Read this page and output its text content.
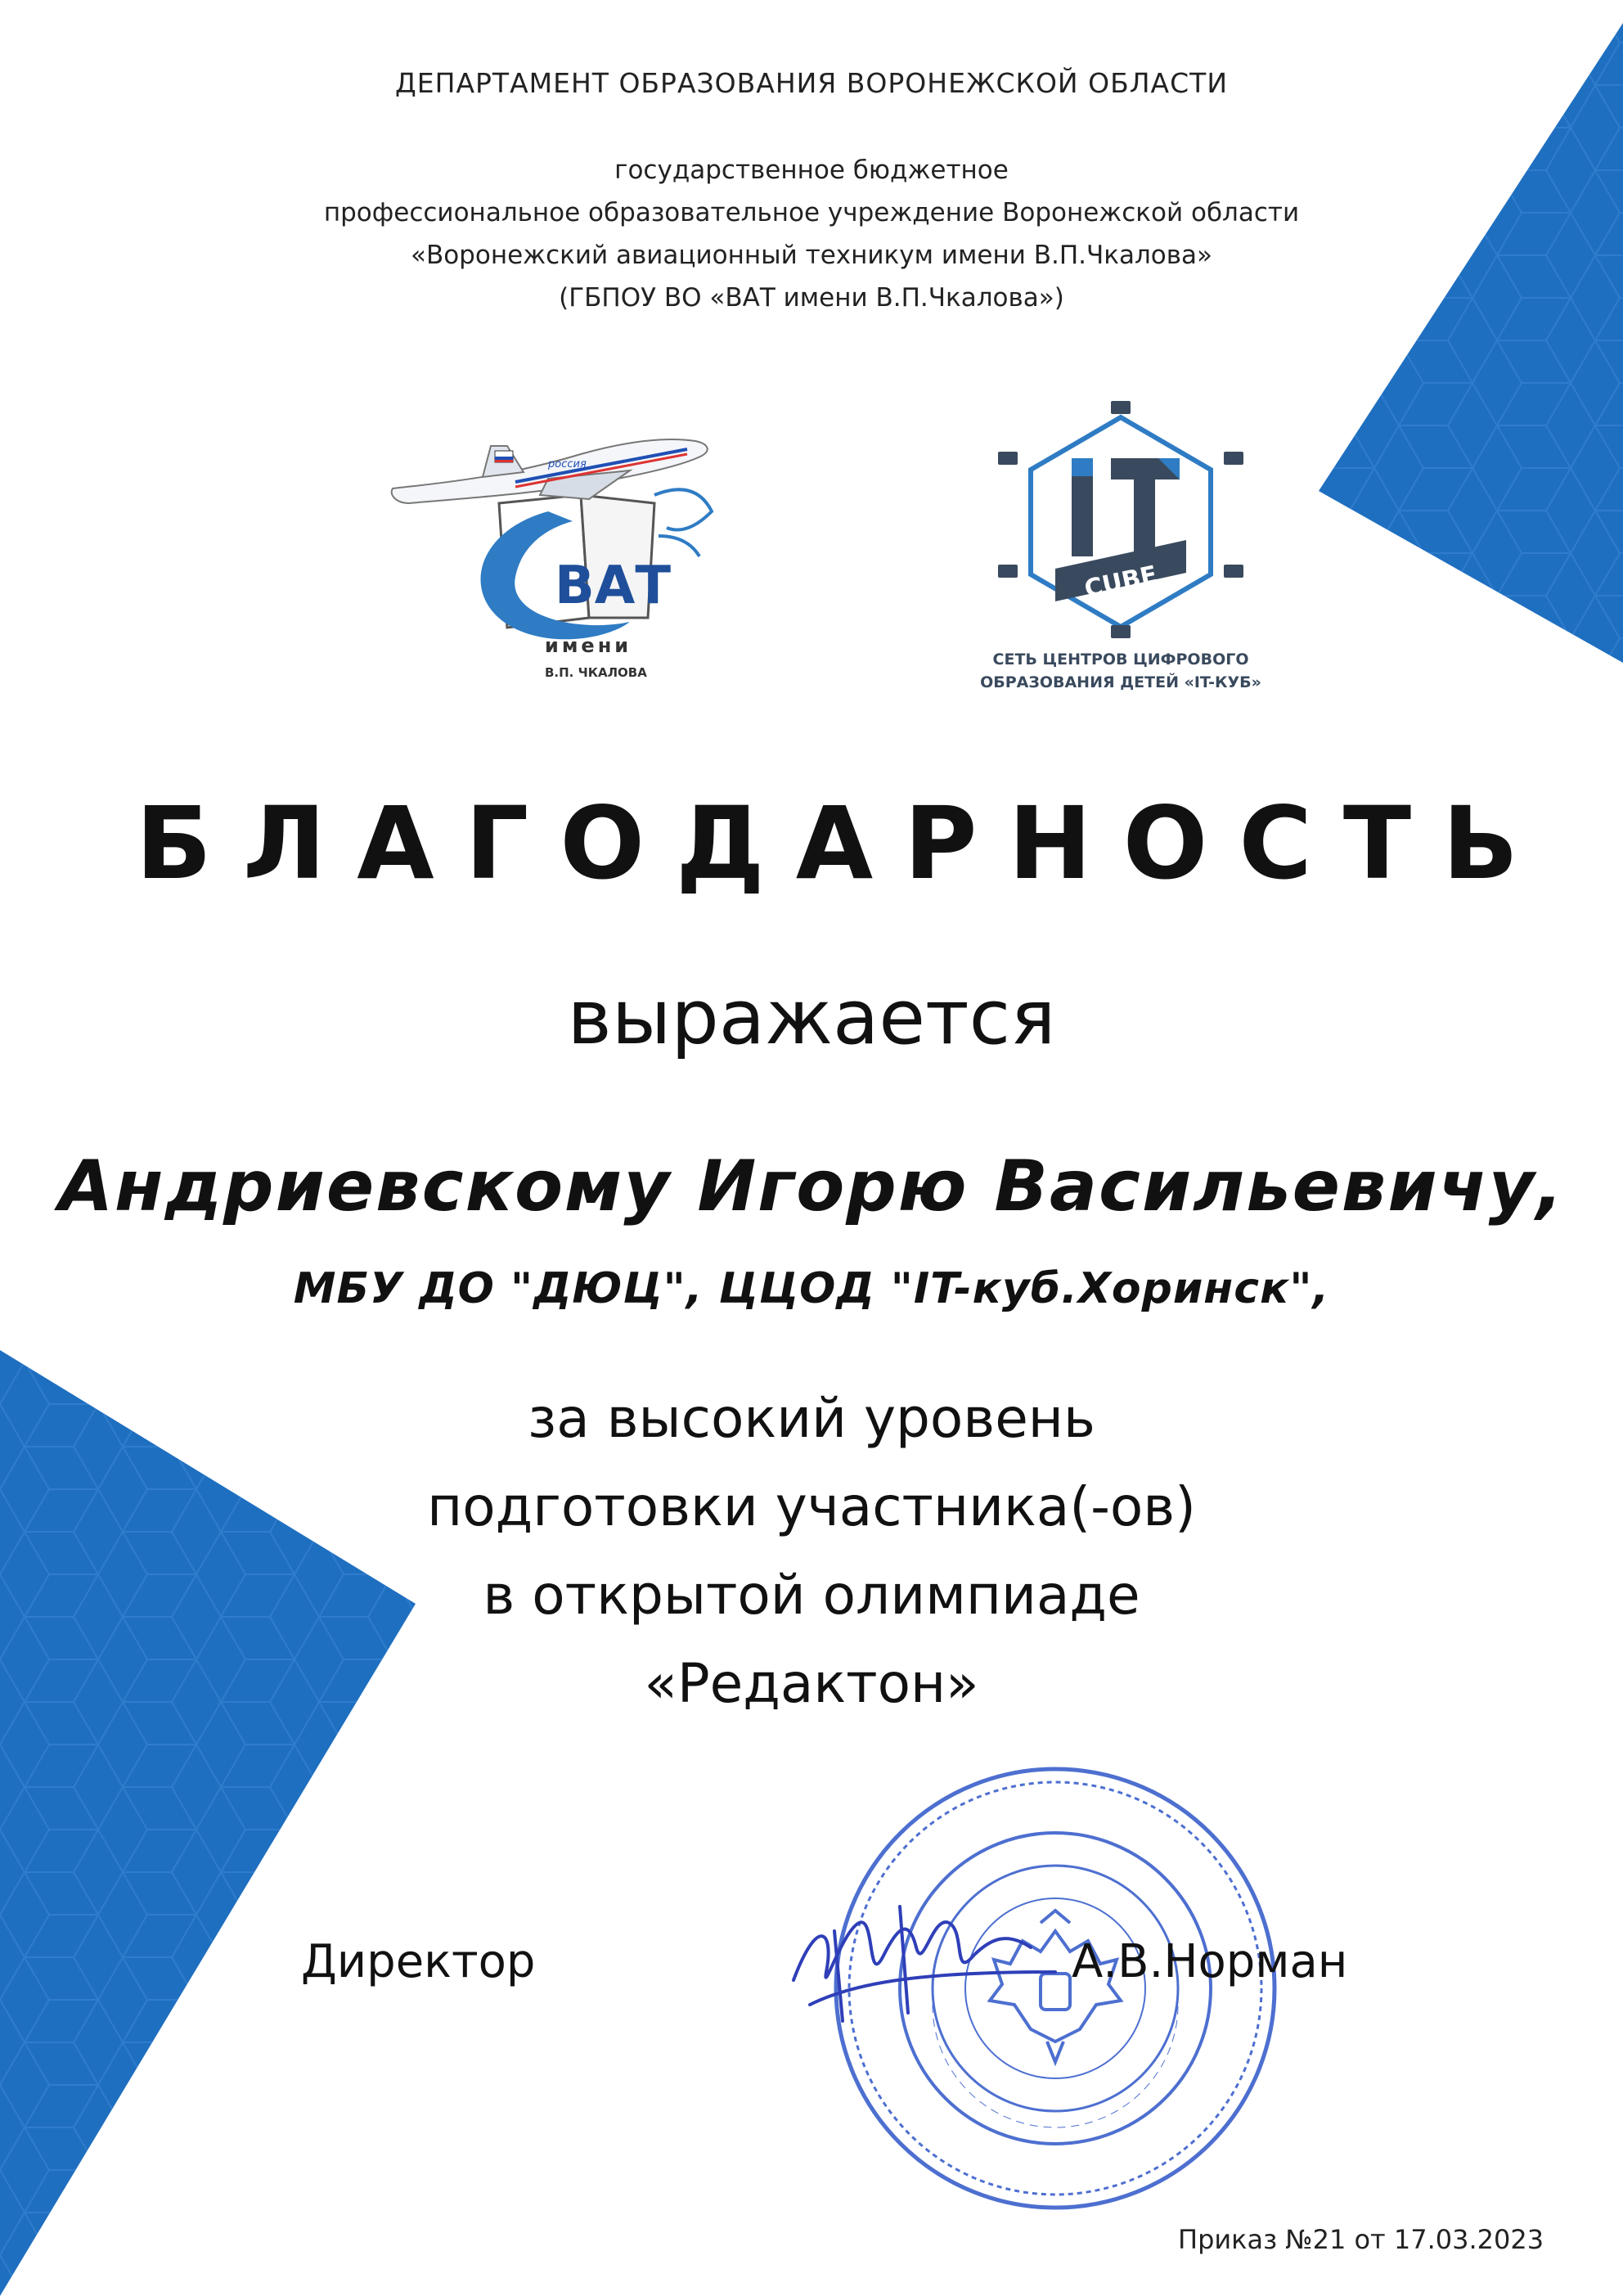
ДЕПАРТАМЕНТ ОБРАЗОВАНИЯ ВОРОНЕЖСКОЙ ОБЛАСТИ
государственное бюджетное
профессиональное образовательное учреждение Воронежской области
«Воронежский авиационный техникум имени В.П.Чкалова»
(ГБПОУ ВО «ВАТ имени В.П.Чкалова»)
россия
ВАТ
имени
В.П. ЧКАЛОВА
CUBE
СЕТЬ ЦЕНТРОВ ЦИФРОВОГО
ОБРАЗОВАНИЯ ДЕТЕЙ «IT-КУБ»
БЛАГОДАРНОСТЬ
выражается
Андриевскому Игорю Васильевичу,
МБУ ДО "ДЮЦ", ЦЦОД "IT-куб.Хоринск",
за высокий уровень
подготовки участника(-ов)
в открытой олимпиаде
«Редактон»
Директор	А.В.Норман
Приказ №21 от 17.03.2023
